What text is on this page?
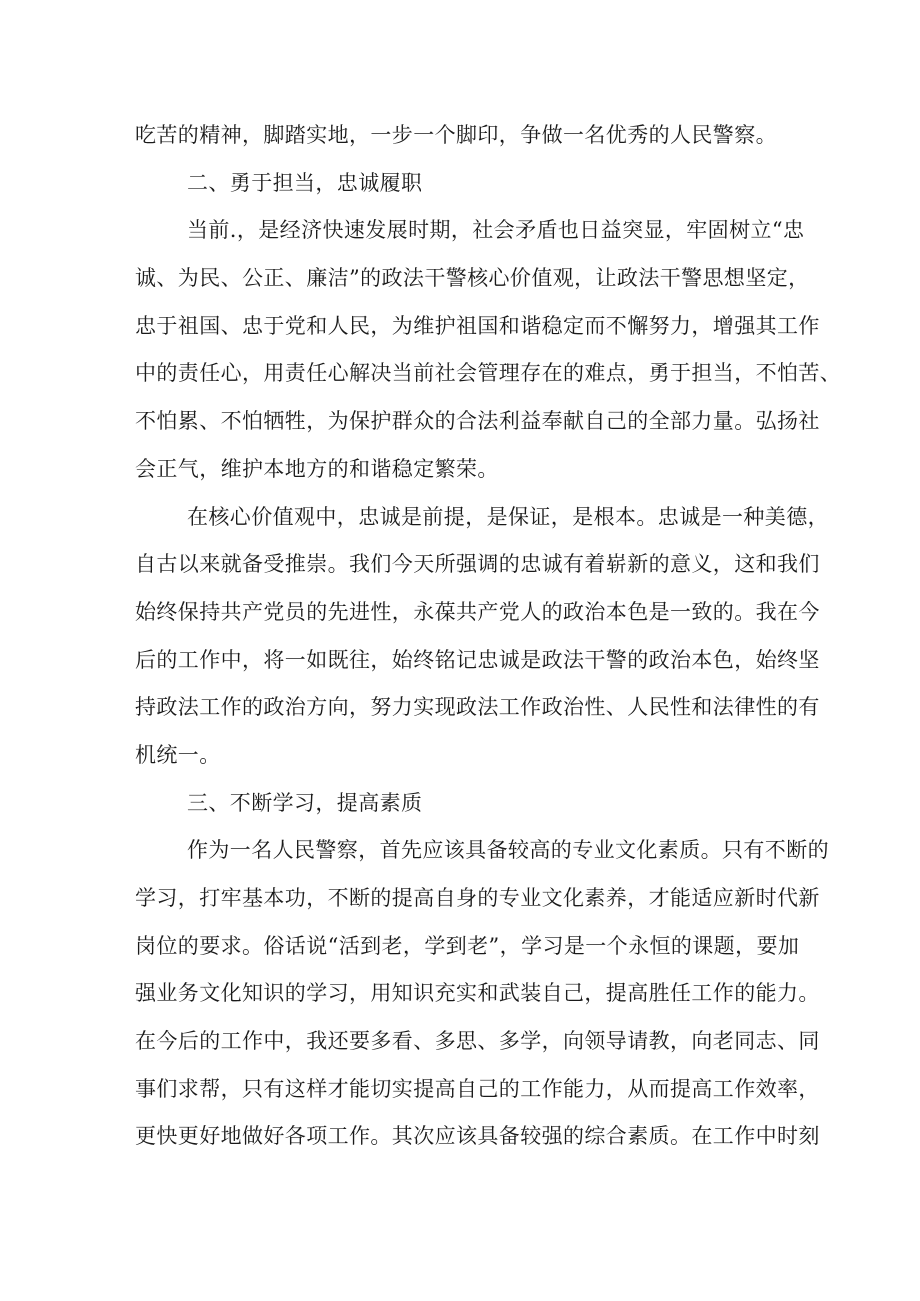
吃苦的精神，脚踏实地，一步一个脚印，争做一名优秀的人民警察。
二、勇于担当，忠诚履职
当前.，是经济快速发展时期，社会矛盾也日益突显，牢固树立“忠
诚、为民、公正、廉洁”的政法干警核心价值观，让政法干警思想坚定，
忠于祖国、忠于党和人民，为维护祖国和谐稳定而不懈努力，增强其工作
中的责任心，用责任心解决当前社会管理存在的难点，勇于担当，不怕苦、
不怕累、不怕牺牲，为保护群众的合法利益奉献自己的全部力量。弘扬社
会正气，维护本地方的和谐稳定繁荣。
在核心价值观中，忠诚是前提，是保证，是根本。忠诚是一种美德，
自古以来就备受推崇。我们今天所强调的忠诚有着崭新的意义，这和我们
始终保持共产党员的先进性，永葆共产党人的政治本色是一致的。我在今
后的工作中，将一如既往，始终铭记忠诚是政法干警的政治本色，始终坚
持政法工作的政治方向，努力实现政法工作政治性、人民性和法律性的有
机统一。
三、不断学习，提高素质
作为一名人民警察，首先应该具备较高的专业文化素质。只有不断的
学习，打牢基本功，不断的提高自身的专业文化素养，才能适应新时代新
岗位的要求。俗话说“活到老，学到老”，学习是一个永恒的课题，要加
强业务文化知识的学习，用知识充实和武装自己，提高胜任工作的能力。
在今后的工作中，我还要多看、多思、多学，向领导请教，向老同志、同
事们求帮，只有这样才能切实提高自己的工作能力，从而提高工作效率，
更快更好地做好各项工作。其次应该具备较强的综合素质。在工作中时刻
